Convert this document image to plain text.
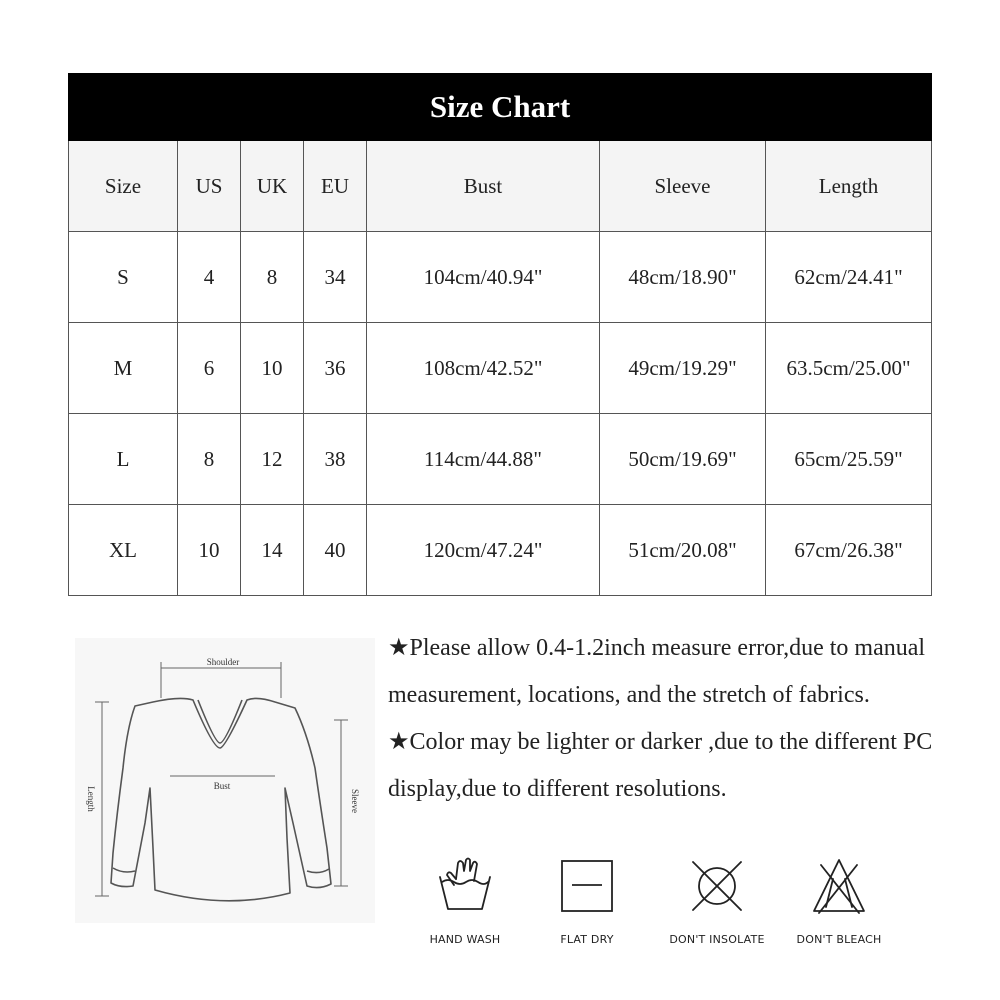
Size Chart						
Size	US	UK	EU	Bust	Sleeve	Length
S	4	8	34	104cm/40.94"	48cm/18.90"	62cm/24.41"
M	6	10	36	108cm/42.52"	49cm/19.29"	63.5cm/25.00"
L	8	12	38	114cm/44.88"	50cm/19.69"	65cm/25.59"
XL	10	14	40	120cm/47.24"	51cm/20.08"	67cm/26.38"
Shoulder
Bust
Length	Sleeve

★Please allow 0.4-1.2inch measure error,due to manual measurement, locations, and the stretch of fabrics.

★Color may be lighter or darker ,due to the different PC display,due to different resolutions.

HAND WASH	FLAT DRY	DON'T INSOLATE	DON'T BLEACH
